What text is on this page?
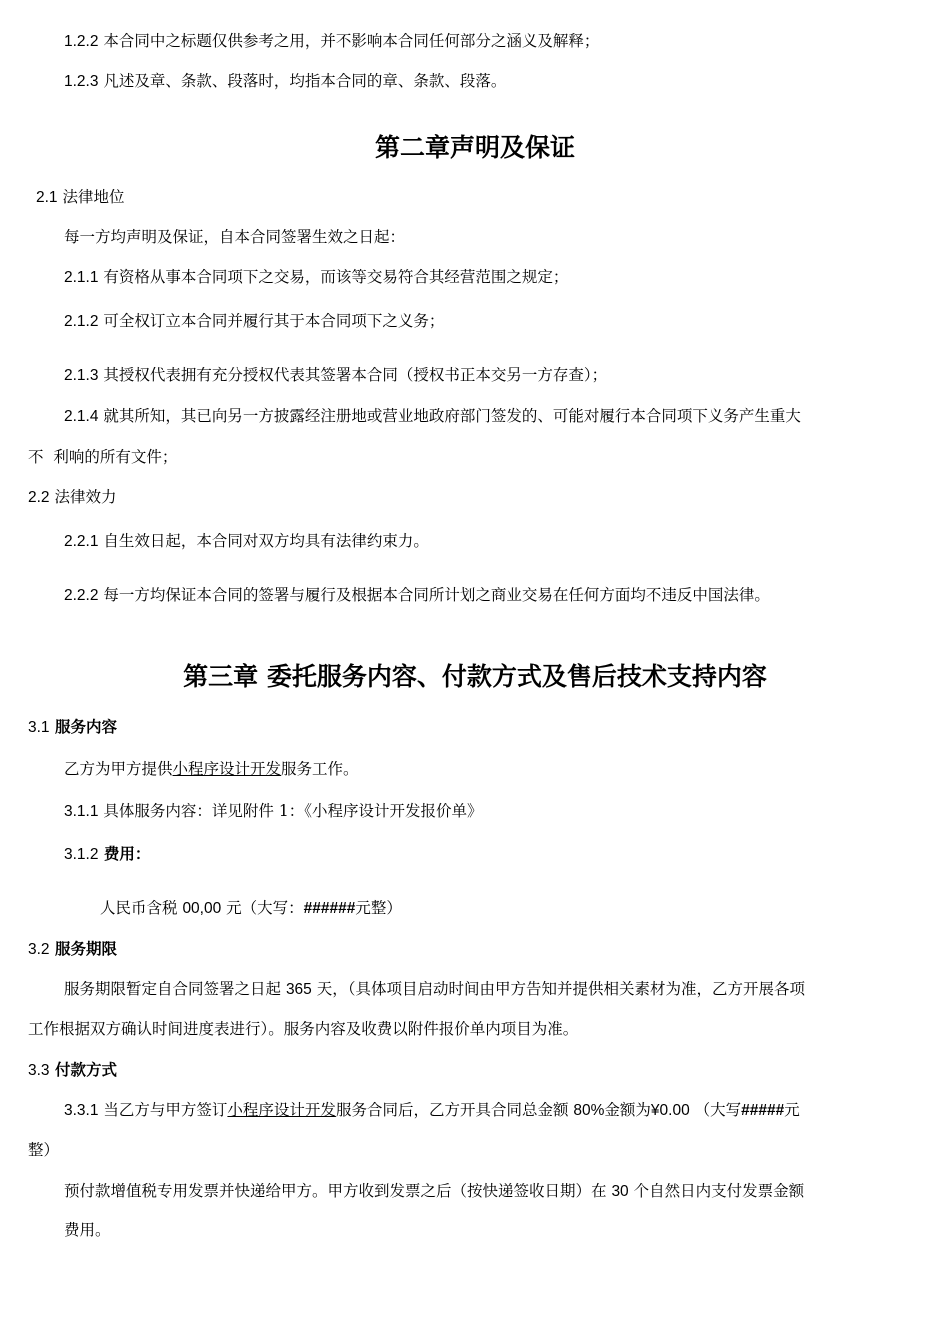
1.2.2 本合同中之标题仅供参考之用，并不影响本合同任何部分之涵义及解释；
1.2.3 凡述及章、条款、段落时，均指本合同的章、条款、段落。
第二章声明及保证
2.1 法律地位
每一方均声明及保证，自本合同签署生效之日起：
2.1.1 有资格从事本合同项下之交易，而该等交易符合其经营范围之规定；
2.1.2 可全权订立本合同并履行其于本合同项下之义务；
2.1.3 其授权代表拥有充分授权代表其签署本合同（授权书正本交另一方存查）；
2.1.4 就其所知，其已向另一方披露经注册地或营业地政府部门签发的、可能对履行本合同项下义务产生重大
不  利响的所有文件；
2.2 法律效力
2.2.1 自生效日起，本合同对双方均具有法律约束力。
2.2.2 每一方均保证本合同的签署与履行及根据本合同所计划之商业交易在任何方面均不违反中国法律。
第三章 委托服务内容、付款方式及售后技术支持内容
3.1 服务内容
乙方为甲方提供小程序设计开发服务工作。
3.1.1 具体服务内容：详见附件 1：《小程序设计开发报价单》
3.1.2 费用：
人民币含税 00,00 元（大写：######元整）
3.2 服务期限
服务期限暂定自合同签署之日起 365 天，（具体项目启动时间由甲方告知并提供相关素材为准，乙方开展各项
工作根据双方确认时间进度表进行）。服务内容及收费以附件报价单内项目为准。
3.3 付款方式
3.3.1 当乙方与甲方签订小程序设计开发服务合同后，乙方开具合同总金额 80%金额为¥0.00 （大写#####元
整）
预付款增值税专用发票并快递给甲方。甲方收到发票之后（按快递签收日期）在 30 个自然日内支付发票金额
费用。
